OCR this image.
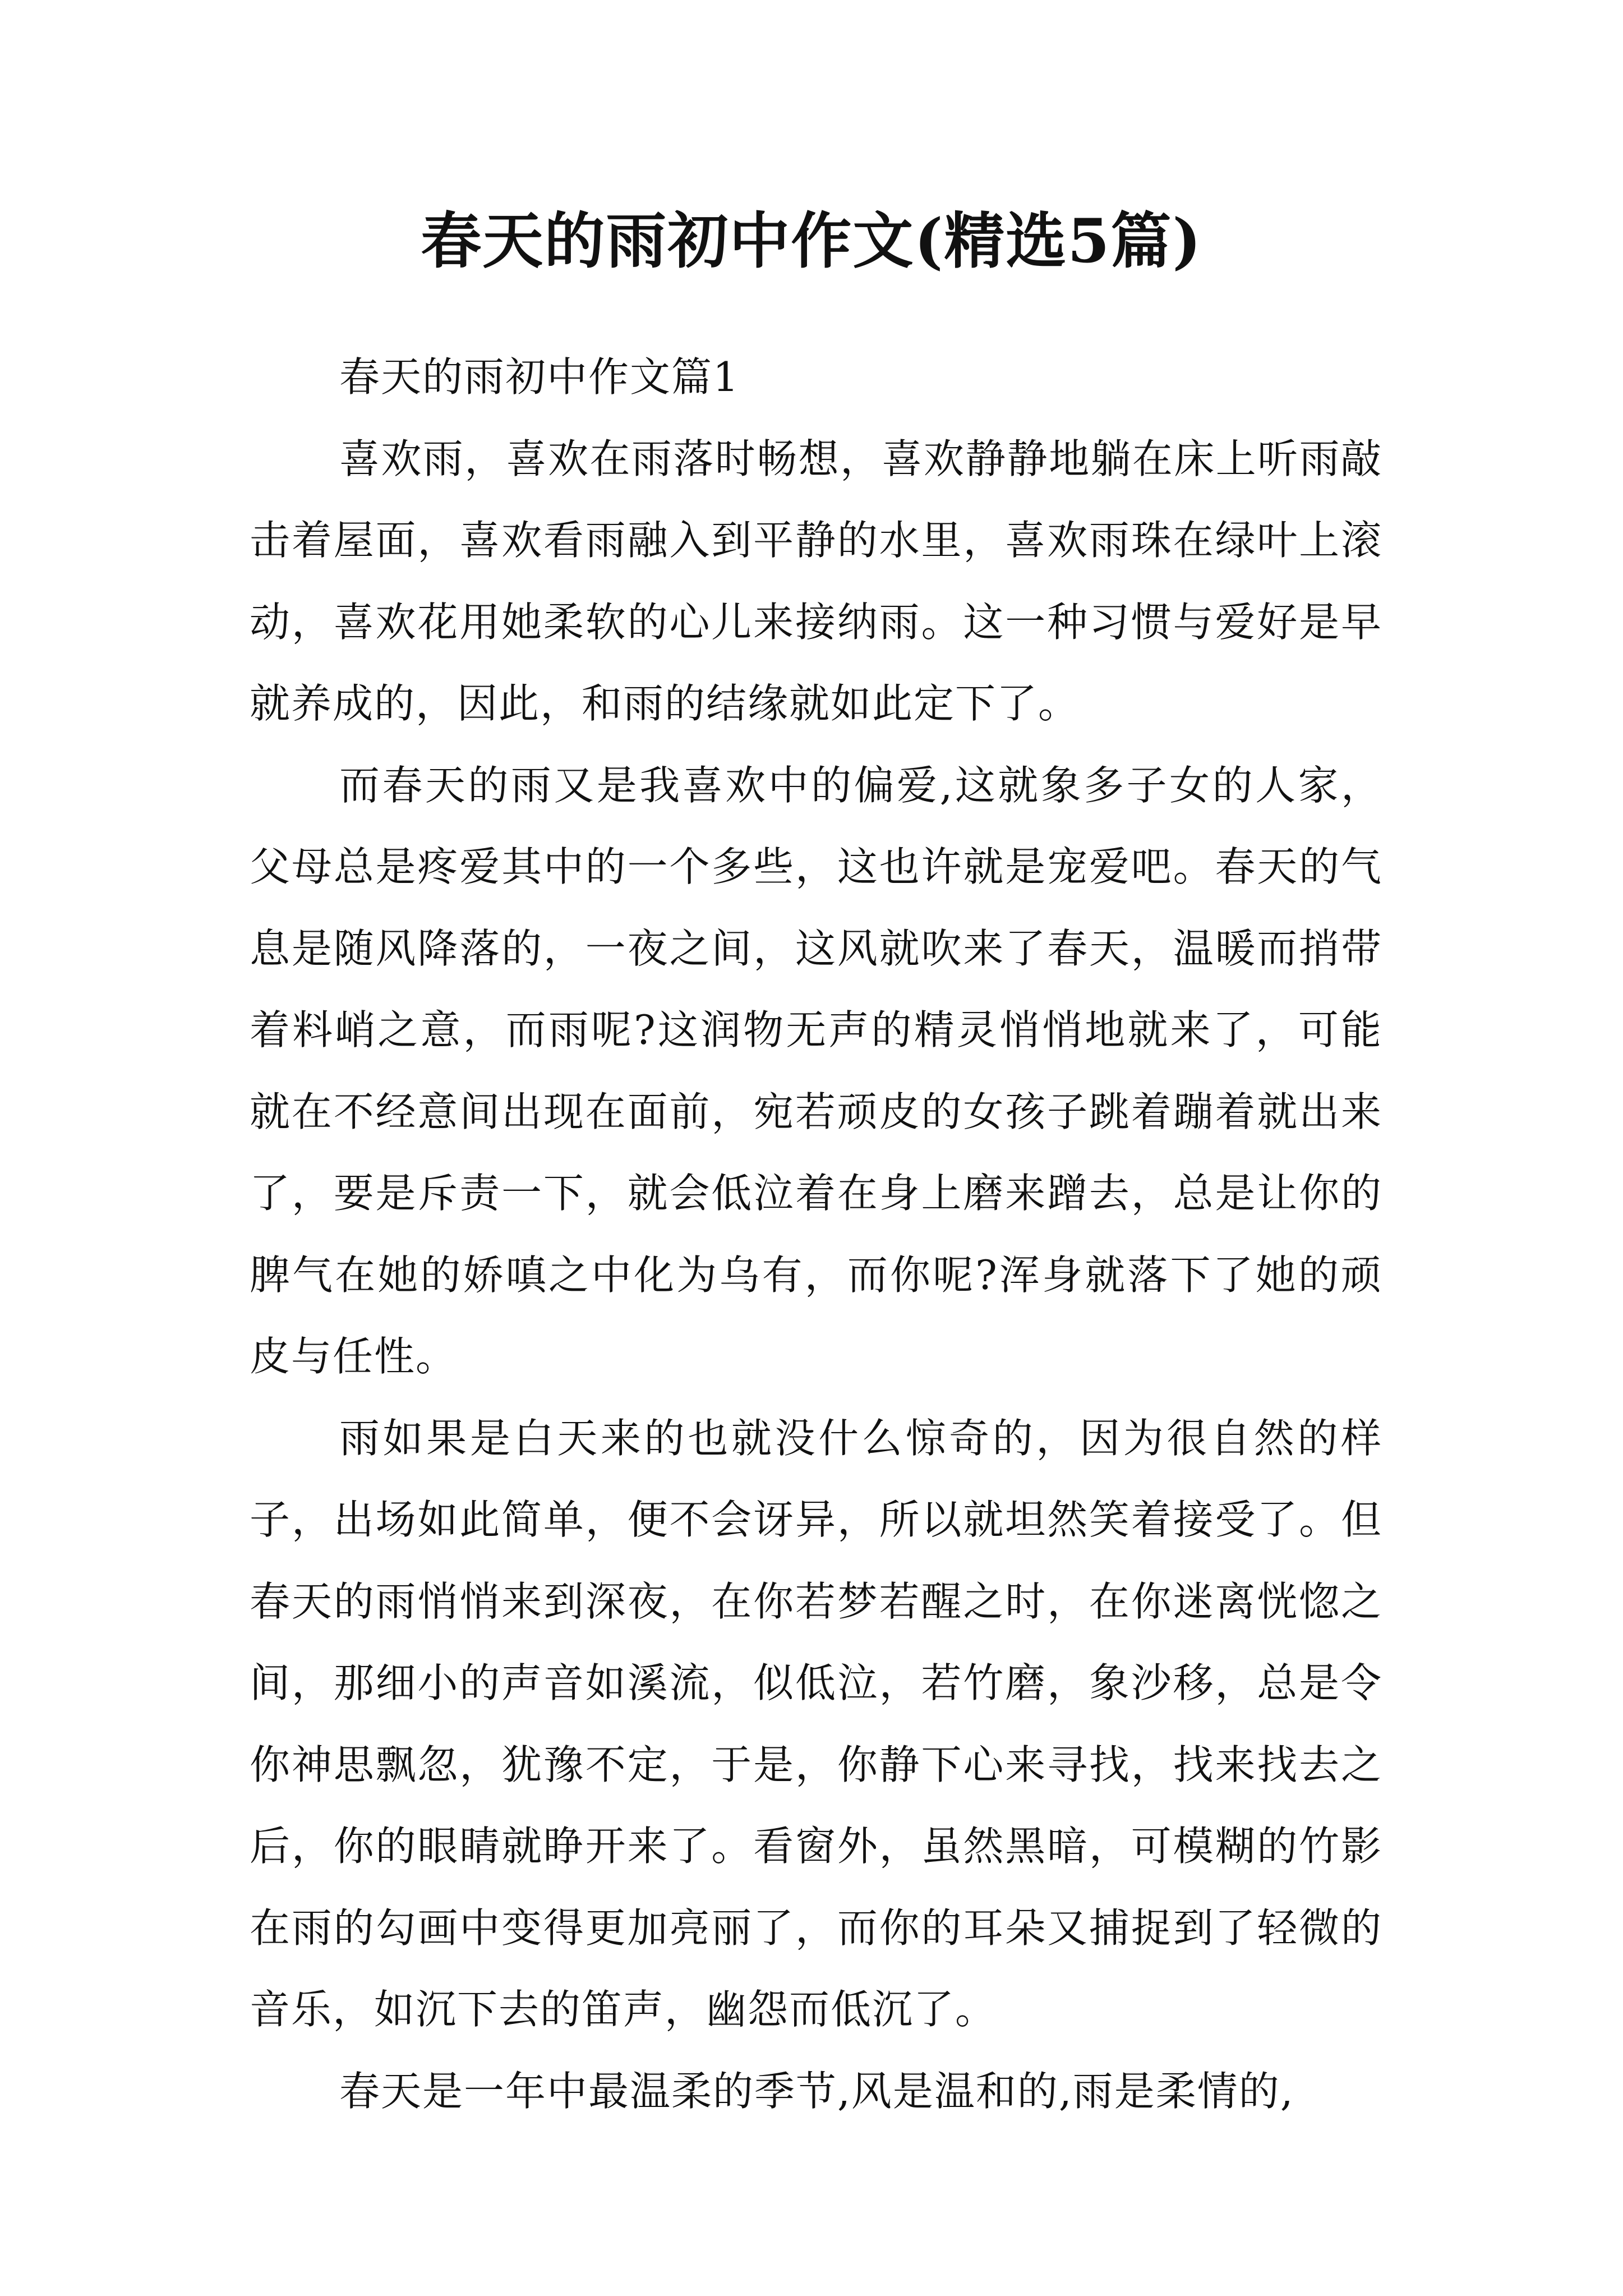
春天的雨初中作文(精选5篇)

春天的雨初中作文篇1

喜欢雨，喜欢在雨落时畅想，喜欢静静地躺在床上听雨敲击着屋面，喜欢看雨融入到平静的水里，喜欢雨珠在绿叶上滚动，喜欢花用她柔软的心儿来接纳雨。这一种习惯与爱好是早就养成的，因此，和雨的结缘就如此定下了。

而春天的雨又是我喜欢中的偏爱,这就象多子女的人家，父母总是疼爱其中的一个多些，这也许就是宠爱吧。春天的气息是随风降落的，一夜之间，这风就吹来了春天，温暖而捎带着料峭之意，而雨呢?这润物无声的精灵悄悄地就来了，可能就在不经意间出现在面前，宛若顽皮的女孩子跳着蹦着就出来了，要是斥责一下，就会低泣着在身上磨来蹭去，总是让你的脾气在她的娇嗔之中化为乌有，而你呢?浑身就落下了她的顽皮与任性。

雨如果是白天来的也就没什么惊奇的，因为很自然的样子，出场如此简单，便不会讶异，所以就坦然笑着接受了。但春天的雨悄悄来到深夜，在你若梦若醒之时，在你迷离恍惚之间，那细小的声音如溪流，似低泣，若竹磨，象沙移，总是令你神思飘忽，犹豫不定，于是，你静下心来寻找，找来找去之后，你的眼睛就睁开来了。看窗外，虽然黑暗，可模糊的竹影在雨的勾画中变得更加亮丽了，而你的耳朵又捕捉到了轻微的音乐，如沉下去的笛声，幽怨而低沉了。

春天是一年中最温柔的季节,风是温和的,雨是柔情的,
